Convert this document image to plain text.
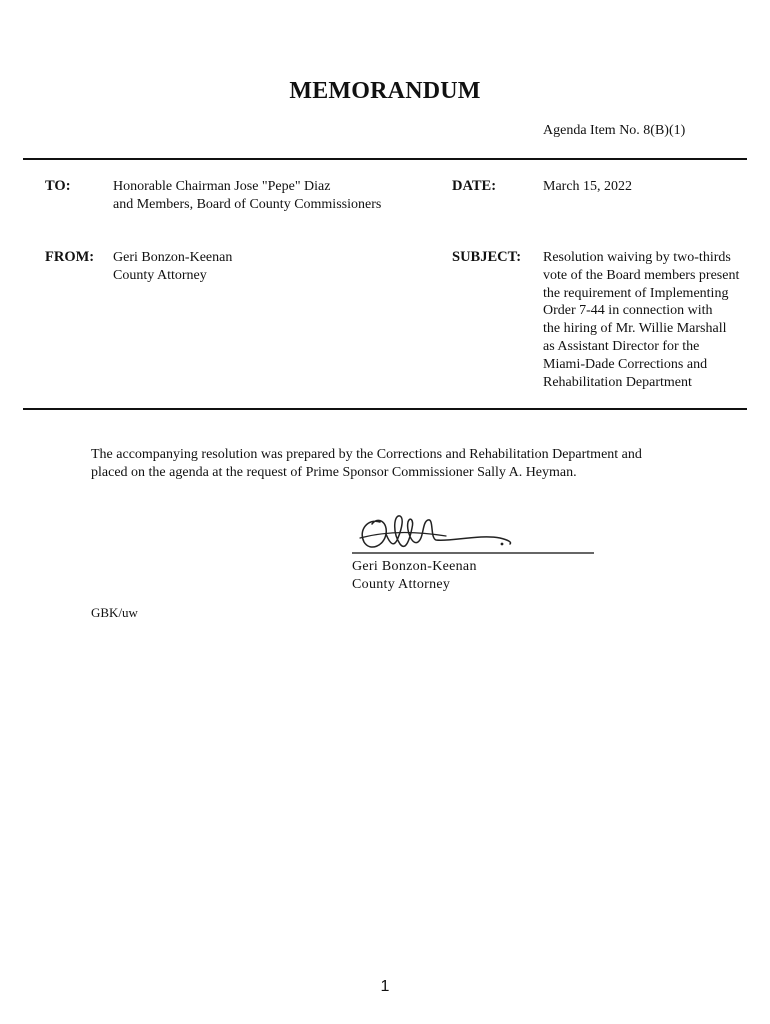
MEMORANDUM
Agenda Item No. 8(B)(1)
TO:	Honorable Chairman Jose "Pepe" Diaz
and Members, Board of County Commissioners
DATE:	March 15, 2022
FROM: Geri Bonzon-Keenan
County Attorney
SUBJECT: Resolution waiving by two-thirds
vote of the Board members present
the requirement of Implementing
Order 7-44 in connection with
the hiring of Mr. Willie Marshall
as Assistant Director for the
Miami-Dade Corrections and
Rehabilitation Department
The accompanying resolution was prepared by the Corrections and Rehabilitation Department and
placed on the agenda at the request of Prime Sponsor Commissioner Sally A. Heyman.
Geri Bonzon-Keenan
County Attorney
GBK/uw
1
